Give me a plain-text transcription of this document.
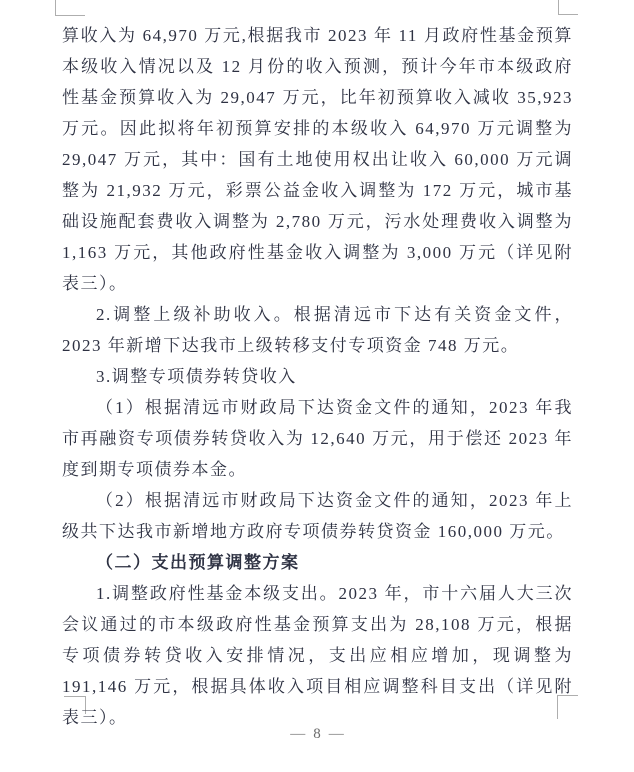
算收入为 64,970 万元,根据我市 2023 年 11 月政府性基金预算本级收入情况以及 12 月份的收入预测，预计今年市本级政府性基金预算收入为 29,047 万元，比年初预算收入减收 35,923 万元。因此拟将年初预算安排的本级收入 64,970 万元调整为 29,047 万元，其中：国有土地使用权出让收入 60,000 万元调整为 21,932 万元，彩票公益金收入调整为 172 万元，城市基础设施配套费收入调整为 2,780 万元，污水处理费收入调整为 1,163 万元，其他政府性基金收入调整为 3,000 万元（详见附表三）。

2.调整上级补助收入。根据清远市下达有关资金文件，2023 年新增下达我市上级转移支付专项资金 748 万元。

3.调整专项债券转贷收入

（1）根据清远市财政局下达资金文件的通知，2023 年我市再融资专项债券转贷收入为 12,640 万元，用于偿还 2023 年度到期专项债券本金。

（2）根据清远市财政局下达资金文件的通知，2023 年上级共下达我市新增地方政府专项债券转贷资金 160,000 万元。

（二）支出预算调整方案

1.调整政府性基金本级支出。2023 年，市十六届人大三次会议通过的市本级政府性基金预算支出为 28,108 万元，根据专项债券转贷收入安排情况，支出应相应增加，现调整为 191,146 万元，根据具体收入项目相应调整科目支出（详见附表三）。

— 8 —
